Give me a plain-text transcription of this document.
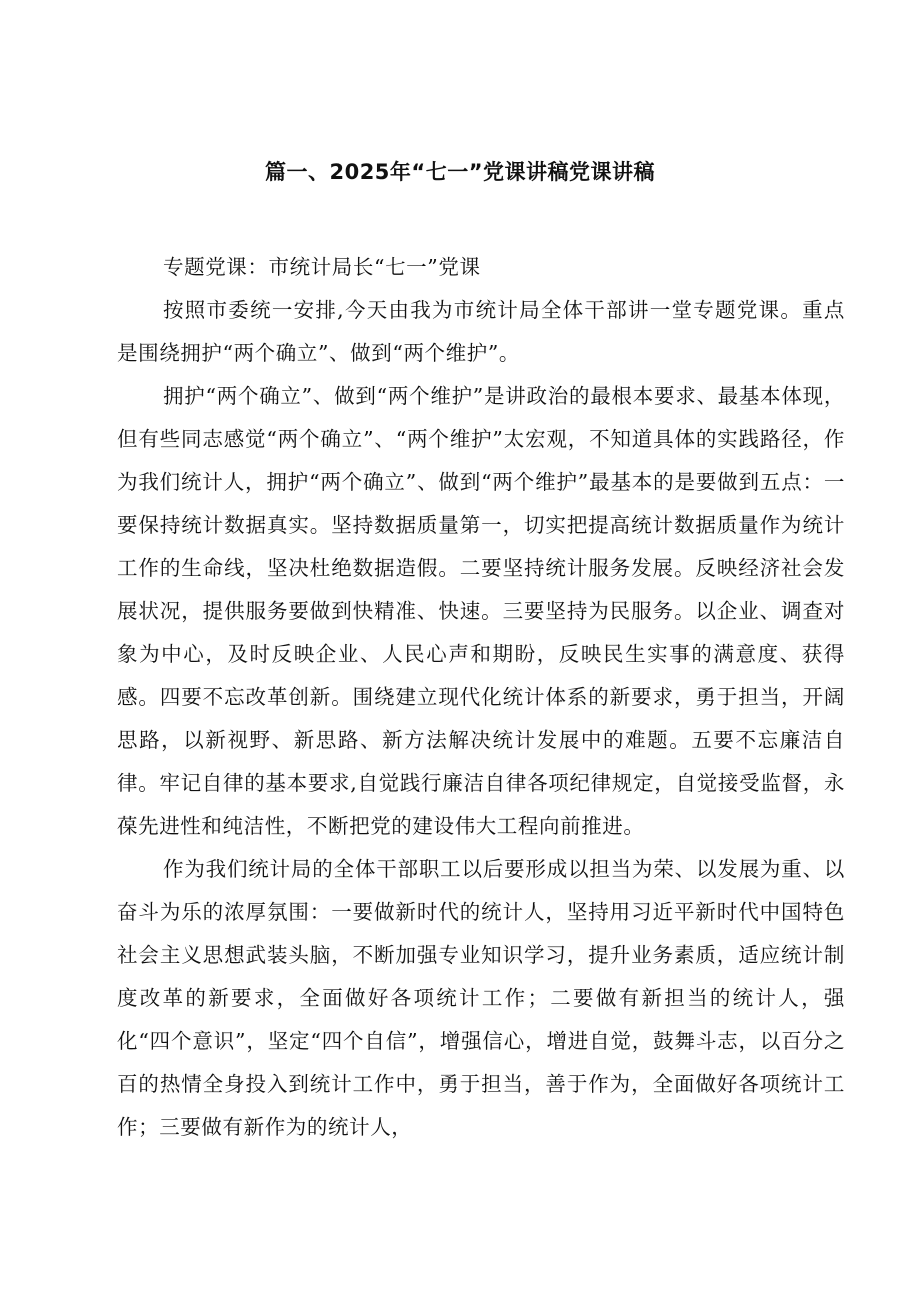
篇一、2025年“七一”党课讲稿党课讲稿

专题党课：市统计局长“七一”党课

按照市委统一安排,今天由我为市统计局全体干部讲一堂专题党课。重点是围绕拥护“两个确立”、做到“两个维护”。

拥护“两个确立”、做到“两个维护”是讲政治的最根本要求、最基本体现，但有些同志感觉“两个确立”、“两个维护”太宏观，不知道具体的实践路径，作为我们统计人，拥护“两个确立”、做到“两个维护”最基本的是要做到五点：一要保持统计数据真实。坚持数据质量第一，切实把提高统计数据质量作为统计工作的生命线，坚决杜绝数据造假。二要坚持统计服务发展。反映经济社会发展状况，提供服务要做到快精准、快速。三要坚持为民服务。以企业、调查对象为中心，及时反映企业、人民心声和期盼，反映民生实事的满意度、获得感。四要不忘改革创新。围绕建立现代化统计体系的新要求，勇于担当，开阔思路，以新视野、新思路、新方法解决统计发展中的难题。五要不忘廉洁自律。牢记自律的基本要求,自觉践行廉洁自律各项纪律规定，自觉接受监督，永葆先进性和纯洁性，不断把党的建设伟大工程向前推进。

作为我们统计局的全体干部职工以后要形成以担当为荣、以发展为重、以奋斗为乐的浓厚氛围：一要做新时代的统计人，坚持用习近平新时代中国特色社会主义思想武装头脑，不断加强专业知识学习，提升业务素质，适应统计制度改革的新要求，全面做好各项统计工作；二要做有新担当的统计人，强化“四个意识”，坚定“四个自信”，增强信心，增进自觉，鼓舞斗志，以百分之百的热情全身投入到统计工作中，勇于担当，善于作为，全面做好各项统计工作；三要做有新作为的统计人，
